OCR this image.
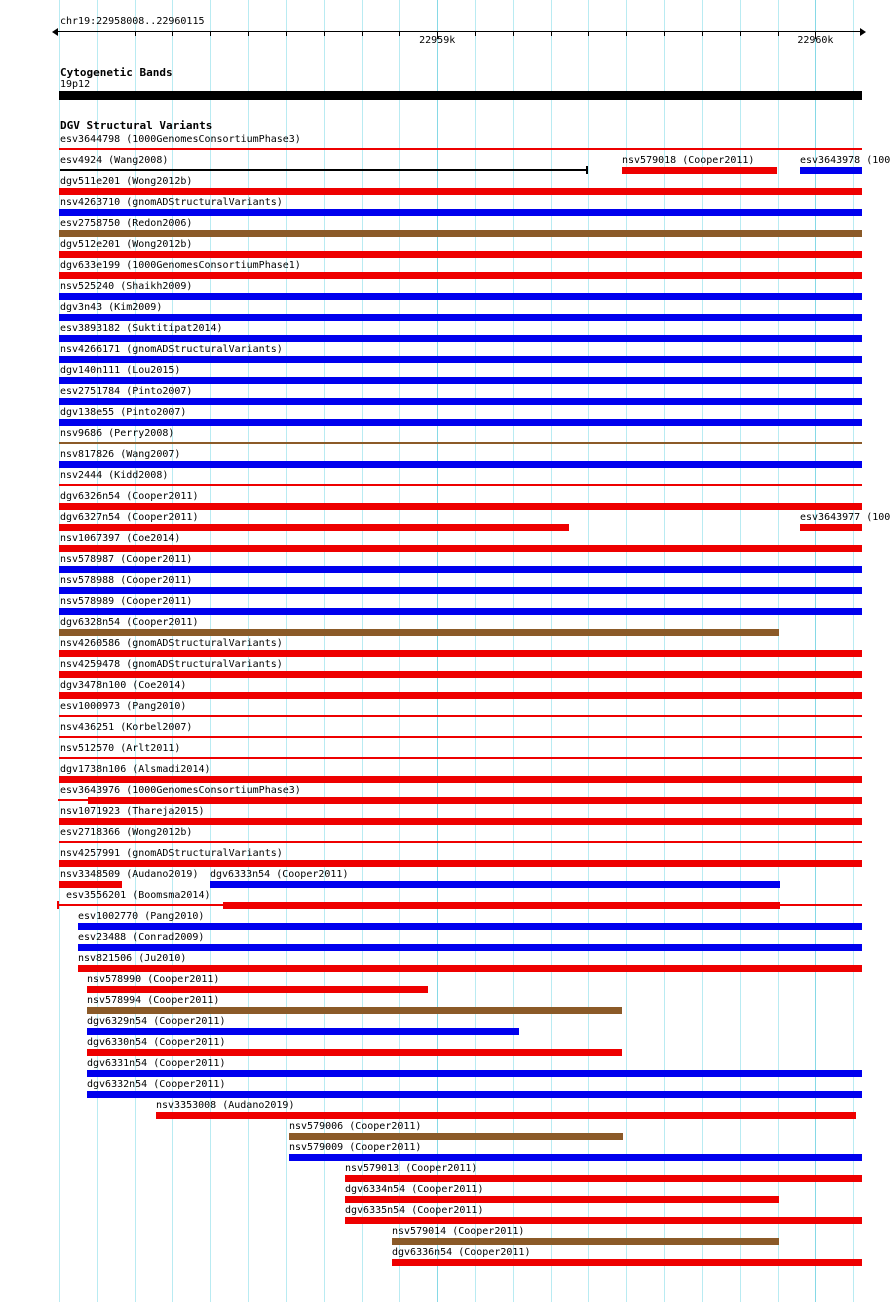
chr19:22958008..22960115
22959k	22960k
Cytogenetic Bands
19p12
DGV Structural Variants
esv3644798 (1000GenomesConsortiumPhase3)
esv4924 (Wang2008)	nsv579018 (Cooper2011)	esv3643978 (100
dgv511e201 (Wong2012b)
nsv4263710 (gnomADStructuralVariants)
esv2758750 (Redon2006)
dgv512e201 (Wong2012b)
dgv633e199 (1000GenomesConsortiumPhase1)
nsv525240 (Shaikh2009)
dgv3n43 (Kim2009)
esv3893182 (Suktitipat2014)
nsv4266171 (gnomADStructuralVariants)
dgv140n111 (Lou2015)
esv2751784 (Pinto2007)
dgv138e55 (Pinto2007)
nsv9686 (Perry2008)
nsv817826 (Wang2007)
nsv2444 (Kidd2008)
dgv6326n54 (Cooper2011)
dgv6327n54 (Cooper2011)	esv3643977 (100
nsv1067397 (Coe2014)
nsv578987 (Cooper2011)
nsv578988 (Cooper2011)
nsv578989 (Cooper2011)
dgv6328n54 (Cooper2011)
nsv4260586 (gnomADStructuralVariants)
nsv4259478 (gnomADStructuralVariants)
dgv3478n100 (Coe2014)
esv1000973 (Pang2010)
nsv436251 (Korbel2007)
nsv512570 (Arlt2011)
dgv1738n106 (Alsmadi2014)
esv3643976 (1000GenomesConsortiumPhase3)
nsv1071923 (Thareja2015)
esv2718366 (Wong2012b)
nsv4257991 (gnomADStructuralVariants)
nsv3348509 (Audano2019) dgv6333n54 (Cooper2011)
esv3556201 (Boomsma2014)
esv1002770 (Pang2010)
esv23488 (Conrad2009)
nsv821506 (Ju2010)
nsv578990 (Cooper2011)
nsv578994 (Cooper2011)
dgv6329n54 (Cooper2011)
dgv6330n54 (Cooper2011)
dgv6331n54 (Cooper2011)
dgv6332n54 (Cooper2011)
nsv3353008 (Audano2019)
nsv579006 (Cooper2011)
nsv579009 (Cooper2011)
nsv579013 (Cooper2011)
dgv6334n54 (Cooper2011)
dgv6335n54 (Cooper2011)
nsv579014 (Cooper2011)
dgv6336n54 (Cooper2011)
